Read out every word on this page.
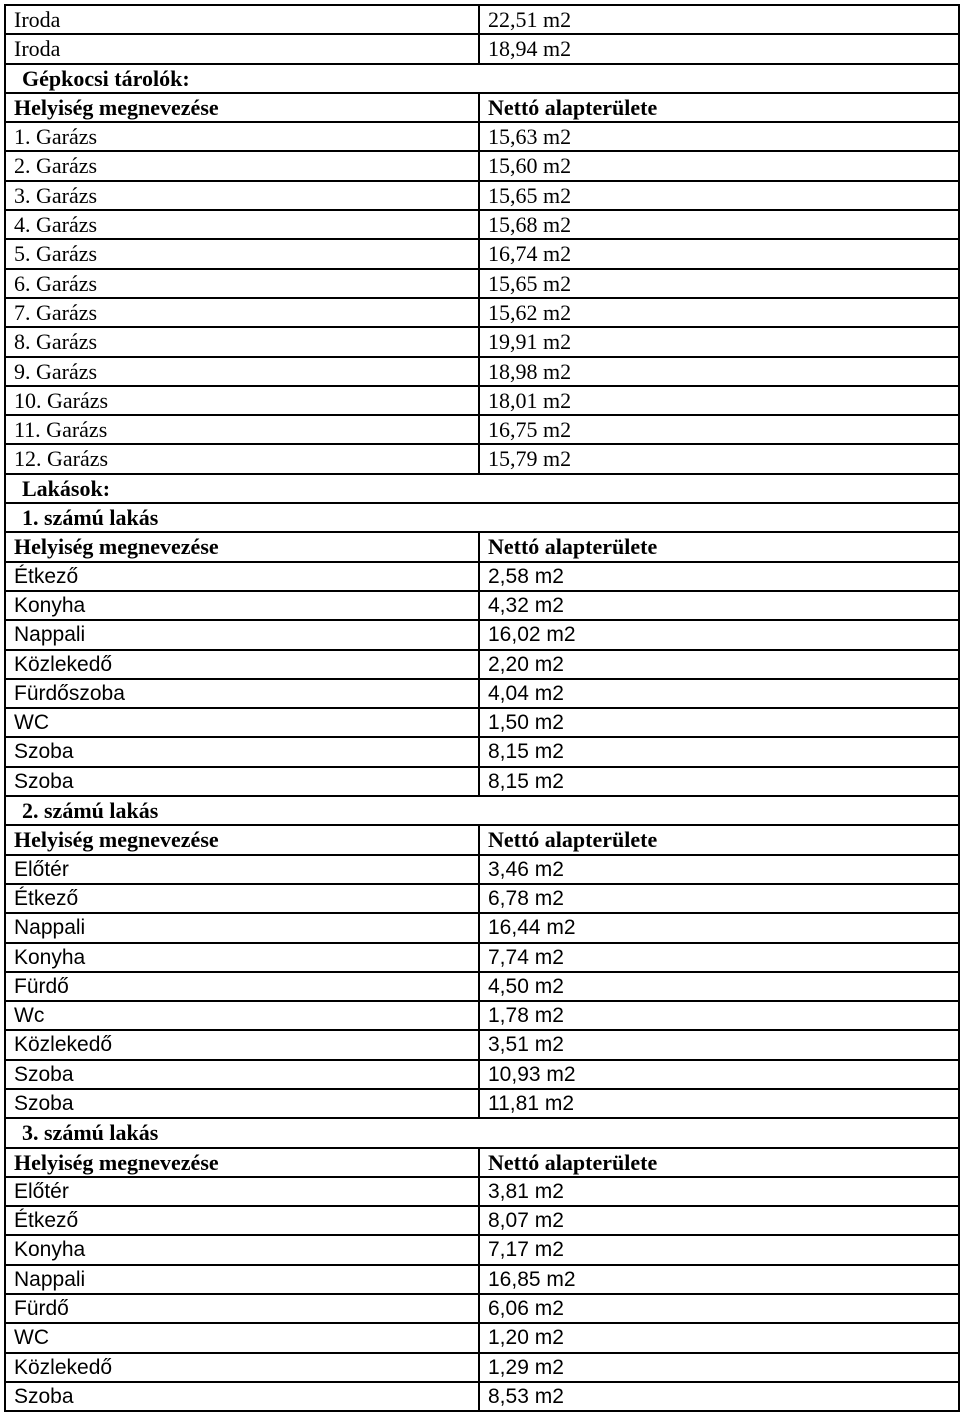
Iroda	22,51 m2
Iroda	18,94 m2
Gépkocsi tárolók:
Helyiség megnevezése	Nettó alapterülete
1. Garázs	15,63 m2
2. Garázs	15,60 m2
3. Garázs	15,65 m2
4. Garázs	15,68 m2
5. Garázs	16,74 m2
6. Garázs	15,65 m2
7. Garázs	15,62 m2
8. Garázs	19,91 m2
9. Garázs	18,98 m2
10. Garázs	18,01 m2
11. Garázs	16,75 m2
12. Garázs	15,79 m2
Lakások:
1. számú lakás
Helyiség megnevezése	Nettó alapterülete
Étkező	2,58 m2
Konyha	4,32 m2
Nappali	16,02 m2
Közlekedő	2,20 m2
Fürdőszoba	4,04 m2
WC	1,50 m2
Szoba	8,15 m2
Szoba	8,15 m2
2. számú lakás
Helyiség megnevezése	Nettó alapterülete
Előtér	3,46 m2
Étkező	6,78 m2
Nappali	16,44 m2
Konyha	7,74 m2
Fürdő	4,50 m2
Wc	1,78 m2
Közlekedő	3,51 m2
Szoba	10,93 m2
Szoba	11,81 m2
3. számú lakás
Helyiség megnevezése	Nettó alapterülete
Előtér	3,81 m2
Étkező	8,07 m2
Konyha	7,17 m2
Nappali	16,85 m2
Fürdő	6,06 m2
WC	1,20 m2
Közlekedő	1,29 m2
Szoba	8,53 m2
